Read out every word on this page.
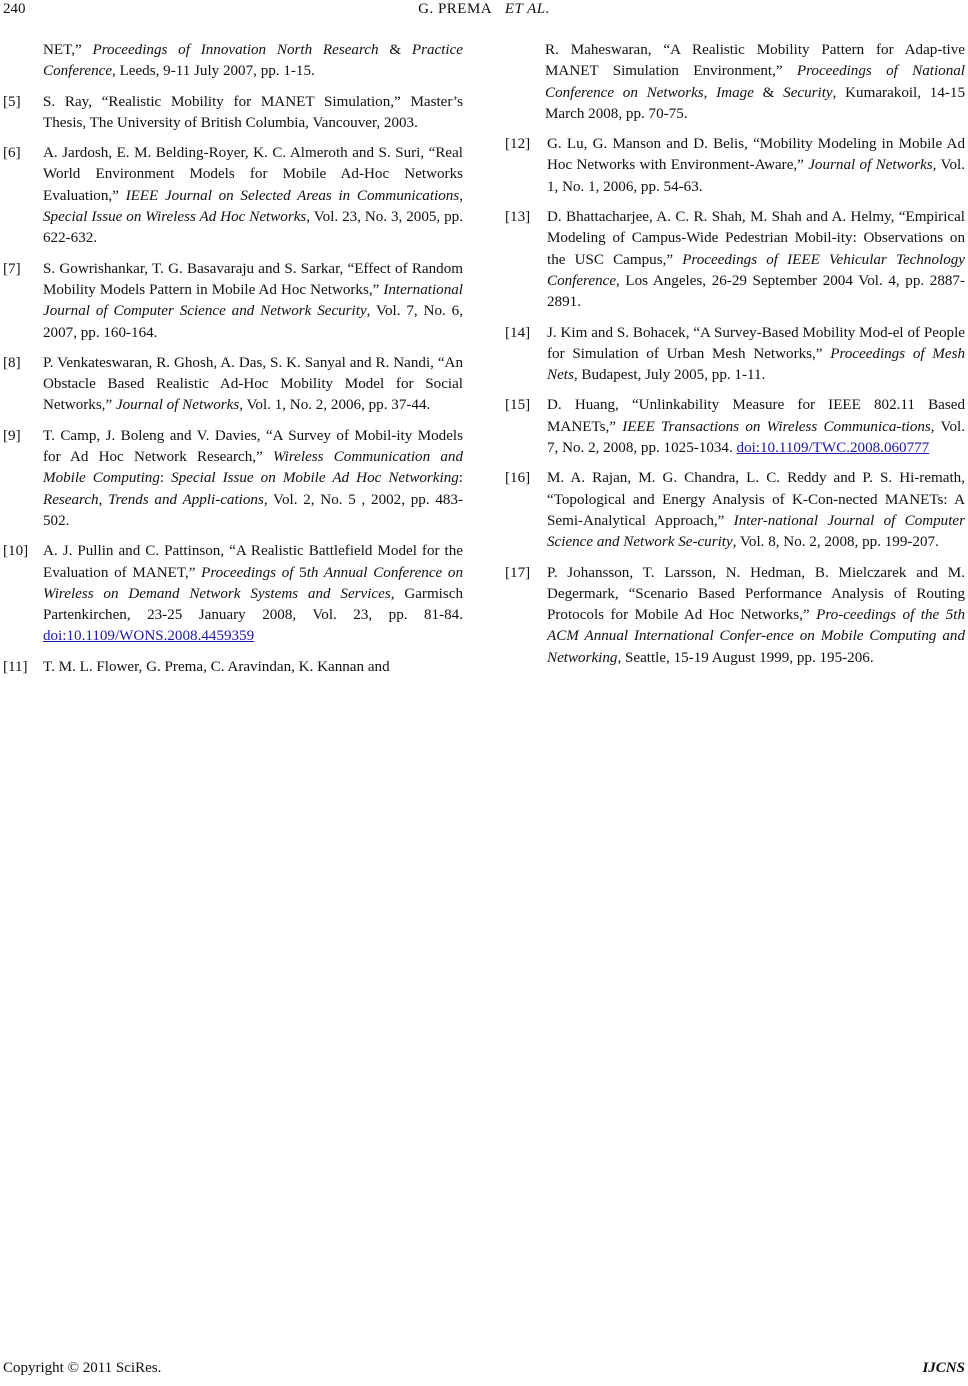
240	G. PREMA ET AL.
NET,” Proceedings of Innovation North Research & Practice Conference, Leeds, 9-11 July 2007, pp. 1-15.
[5]	S. Ray, “Realistic Mobility for MANET Simulation,” Master’s Thesis, The University of British Columbia, Vancouver, 2003.
[6]	A. Jardosh, E. M. Belding-Royer, K. C. Almeroth and S. Suri, “Real World Environment Models for Mobile Ad-Hoc Networks Evaluation,” IEEE Journal on Selected Areas in Communications, Special Issue on Wireless Ad Hoc Networks, Vol. 23, No. 3, 2005, pp. 622-632.
[7]	S. Gowrishankar, T. G. Basavaraju and S. Sarkar, “Effect of Random Mobility Models Pattern in Mobile Ad Hoc Networks,” International Journal of Computer Science and Network Security, Vol. 7, No. 6, 2007, pp. 160-164.
[8]	P. Venkateswaran, R. Ghosh, A. Das, S. K. Sanyal and R. Nandi, “An Obstacle Based Realistic Ad-Hoc Mobility Model for Social Networks,” Journal of Networks, Vol. 1, No. 2, 2006, pp. 37-44.
[9]	T. Camp, J. Boleng and V. Davies, “A Survey of Mobil-ity Models for Ad Hoc Network Research,” Wireless Communication and Mobile Computing: Special Issue on Mobile Ad Hoc Networking: Research, Trends and Appli-cations, Vol. 2, No. 5 , 2002, pp. 483-502.
[10] A. J. Pullin and C. Pattinson, “A Realistic Battlefield Model for the Evaluation of MANET,” Proceedings of 5th Annual Conference on Wireless on Demand Network Systems and Services, Garmisch Partenkirchen, 23-25 January 2008, Vol. 23, pp. 81-84. doi:10.1109/WONS.2008.4459359
[11]	T. M. L. Flower, G. Prema, C. Aravindan, K. Kannan and
R. Maheswaran, “A Realistic Mobility Pattern for Adap-tive MANET Simulation Environment,” Proceedings of National Conference on Networks, Image & Security, Kumarakoil, 14-15 March 2008, pp. 70-75.
[12]	G. Lu, G. Manson and D. Belis, “Mobility Modeling in Mobile Ad Hoc Networks with Environment-Aware,” Journal of Networks, Vol. 1, No. 1, 2006, pp. 54-63.
[13]	D. Bhattacharjee, A. C. R. Shah, M. Shah and A. Helmy, “Empirical Modeling of Campus-Wide Pedestrian Mobil-ity: Observations on the USC Campus,” Proceedings of IEEE Vehicular Technology Conference, Los Angeles, 26-29 September 2004 Vol. 4, pp. 2887-2891.
[14]	J. Kim and S. Bohacek, “A Survey-Based Mobility Mod-el of People for Simulation of Urban Mesh Networks,” Proceedings of Mesh Nets, Budapest, July 2005, pp. 1-11.
[15]	D. Huang, “Unlinkability Measure for IEEE 802.11 Based MANETs,” IEEE Transactions on Wireless Communica-tions, Vol. 7, No. 2, 2008, pp. 1025-1034. doi:10.1109/TWC.2008.060777
[16]	M. A. Rajan, M. G. Chandra, L. C. Reddy and P. S. Hi-remath, “Topological and Energy Analysis of K-Con-nected MANETs: A Semi-Analytical Approach,” Inter-national Journal of Computer Science and Network Se-curity, Vol. 8, No. 2, 2008, pp. 199-207.
[17]	P. Johansson, T. Larsson, N. Hedman, B. Mielczarek and M. Degermark, “Scenario Based Performance Analysis of Routing Protocols for Mobile Ad Hoc Networks,” Pro-ceedings of the 5th ACM Annual International Confer-ence on Mobile Computing and Networking, Seattle, 15-19 August 1999, pp. 195-206.
Copyright © 2011 SciRes.	IJCNS
